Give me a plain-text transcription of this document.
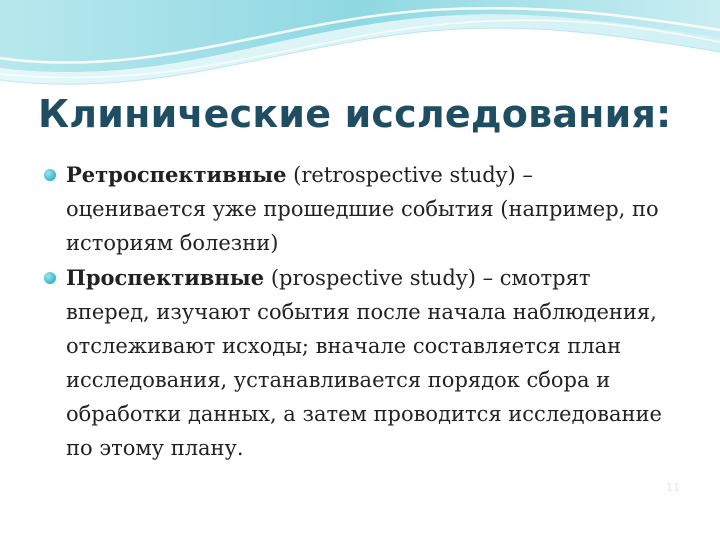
Клинические исследования:
Ретроспективные (retrospective study) – оценивается уже прошедшие события (например, по историям болезни)
Проспективные (prospective study) – смотрят вперед, изучают события после начала наблюдения, отслеживают исходы; вначале составляется план исследования, устанавливается порядок сбора и обработки данных, а затем проводится исследование по этому плану.
11
